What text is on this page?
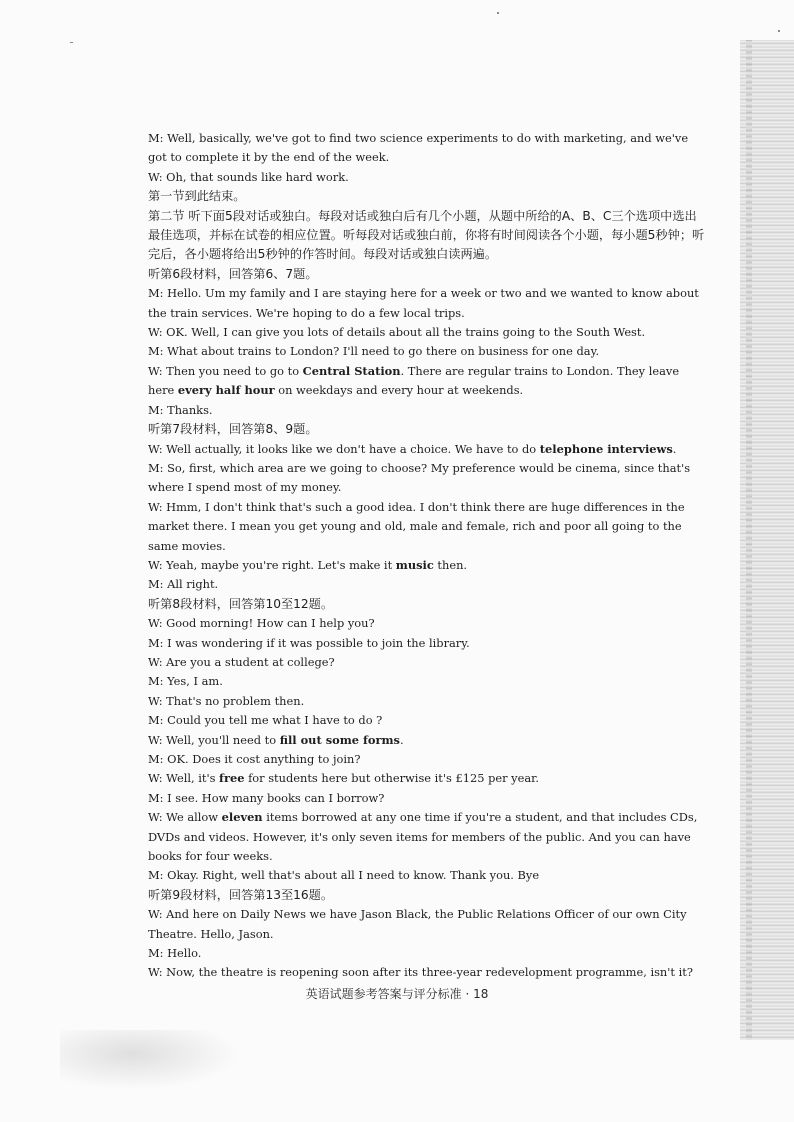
M: Well, basically, we've got to find two science experiments to do with marketing, and we've got to complete it by the end of the week.
W: Oh, that sounds like hard work.
第一节到此结束。
第二节 听下面5段对话或独白。每段对话或独白后有几个小题，从题中所给的A、B、C三个选项中选出最佳选项，并标在试卷的相应位置。听每段对话或独白前，你将有时间阅读各个小题，每小题5秒钟；听完后，各小题将给出5秒钟的作答时间。每段对话或独白读两遍。
听第6段材料，回答第6、7题。
M: Hello. Um my family and I are staying here for a week or two and we wanted to know about the train services. We're hoping to do a few local trips.
W: OK. Well, I can give you lots of details about all the trains going to the South West.
M: What about trains to London? I'll need to go there on business for one day.
W: Then you need to go to Central Station. There are regular trains to London. They leave here every half hour on weekdays and every hour at weekends.
M: Thanks.
听第7段材料，回答第8、9题。
W: Well actually, it looks like we don't have a choice. We have to do telephone interviews.
M: So, first, which area are we going to choose? My preference would be cinema, since that's where I spend most of my money.
W: Hmm, I don't think that's such a good idea. I don't think there are huge differences in the market there. I mean you get young and old, male and female, rich and poor all going to the same movies.
W: Yeah, maybe you're right. Let's make it music then.
M: All right.
听第8段材料，回答第10至12题。
W: Good morning! How can I help you?
M: I was wondering if it was possible to join the library.
W: Are you a student at college?
M: Yes, I am.
W: That's no problem then.
M: Could you tell me what I have to do ?
W: Well, you'll need to fill out some forms.
M: OK. Does it cost anything to join?
W: Well, it's free for students here but otherwise it's £125 per year.
M: I see. How many books can I borrow?
W: We allow eleven items borrowed at any one time if you're a student, and that includes CDs, DVDs and videos. However, it's only seven items for members of the public. And you can have books for four weeks.
M: Okay. Right, well that's about all I need to know. Thank you. Bye
听第9段材料，回答第13至16题。
W: And here on Daily News we have Jason Black, the Public Relations Officer of our own City Theatre. Hello, Jason.
M: Hello.
W: Now, the theatre is reopening soon after its three-year redevelopment programme, isn't it?
英语试题参考答案与评分标准 · 18
